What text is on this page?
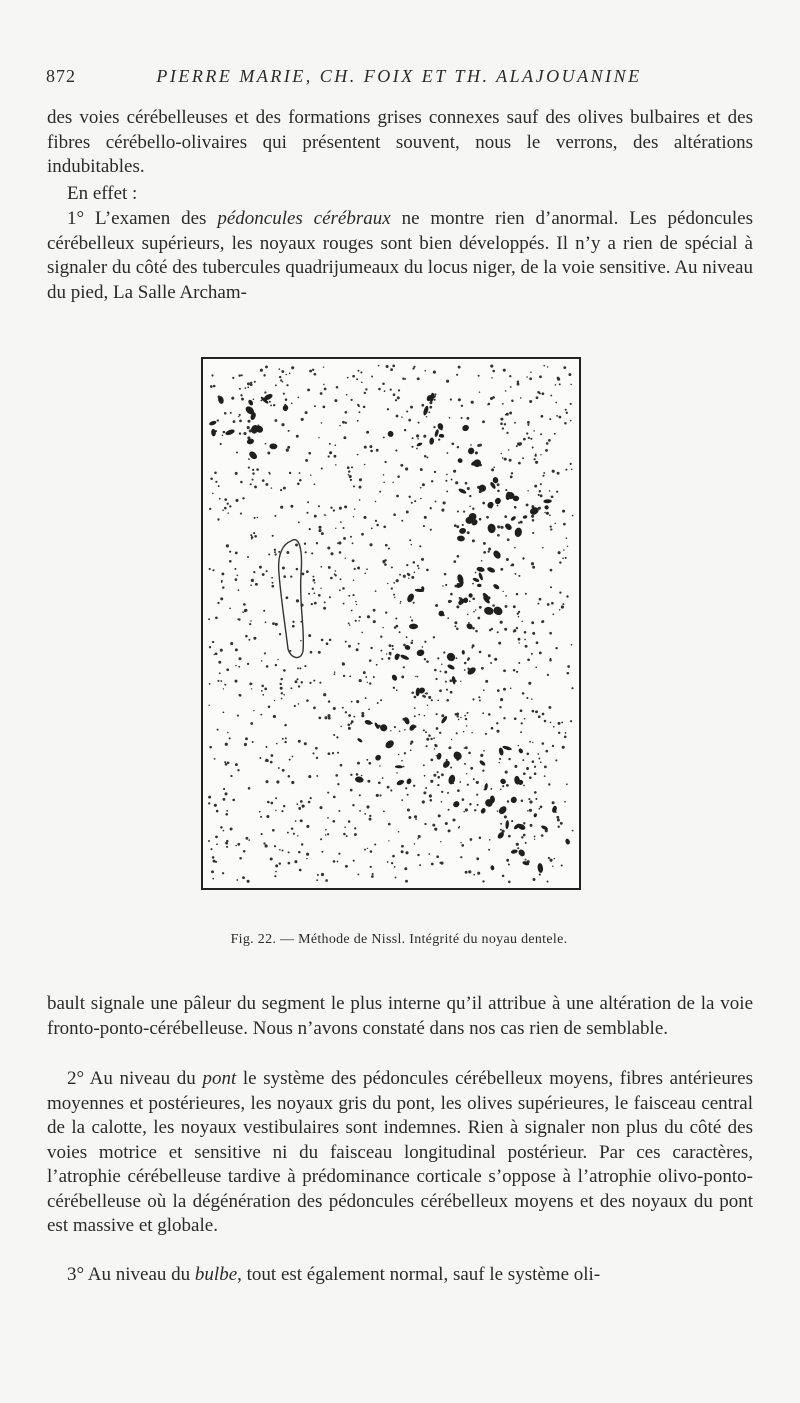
872	PIERRE MARIE, CH. FOIX ET TH. ALAJOUANINE

des voies cérébelleuses et des formations grises connexes sauf des olives bulbaires et des fibres cérébello-olivaires qui présentent souvent, nous le verrons, des altérations indubitables.

En effet :

1° L’examen des pédoncules cérébraux ne montre rien d’anormal. Les pédoncules cérébelleux supérieurs, les noyaux rouges sont bien développés. Il n’y a rien de spécial à signaler du côté des tubercules quadrijumeaux du locus niger, de la voie sensitive. Au niveau du pied, La Salle Archam-

Fig. 22. — Méthode de Nissl. Intégrité du noyau dentele.

bault signale une pâleur du segment le plus interne qu’il attribue à une altération de la voie fronto-ponto-cérébelleuse. Nous n’avons constaté dans nos cas rien de semblable.

2° Au niveau du pont le système des pédoncules cérébelleux moyens, fibres antérieures moyennes et postérieures, les noyaux gris du pont, les olives supérieures, le faisceau central de la calotte, les noyaux vestibulaires sont indemnes. Rien à signaler non plus du côté des voies motrice et sensitive ni du faisceau longitudinal postérieur. Par ces caractères, l’atrophie cérébelleuse tardive à prédominance corticale s’oppose à l’atrophie olivo-ponto-cérébelleuse où la dégénération des pédoncules cérébelleux moyens et des noyaux du pont est massive et globale.

3° Au niveau du bulbe, tout est également normal, sauf le système oli-
